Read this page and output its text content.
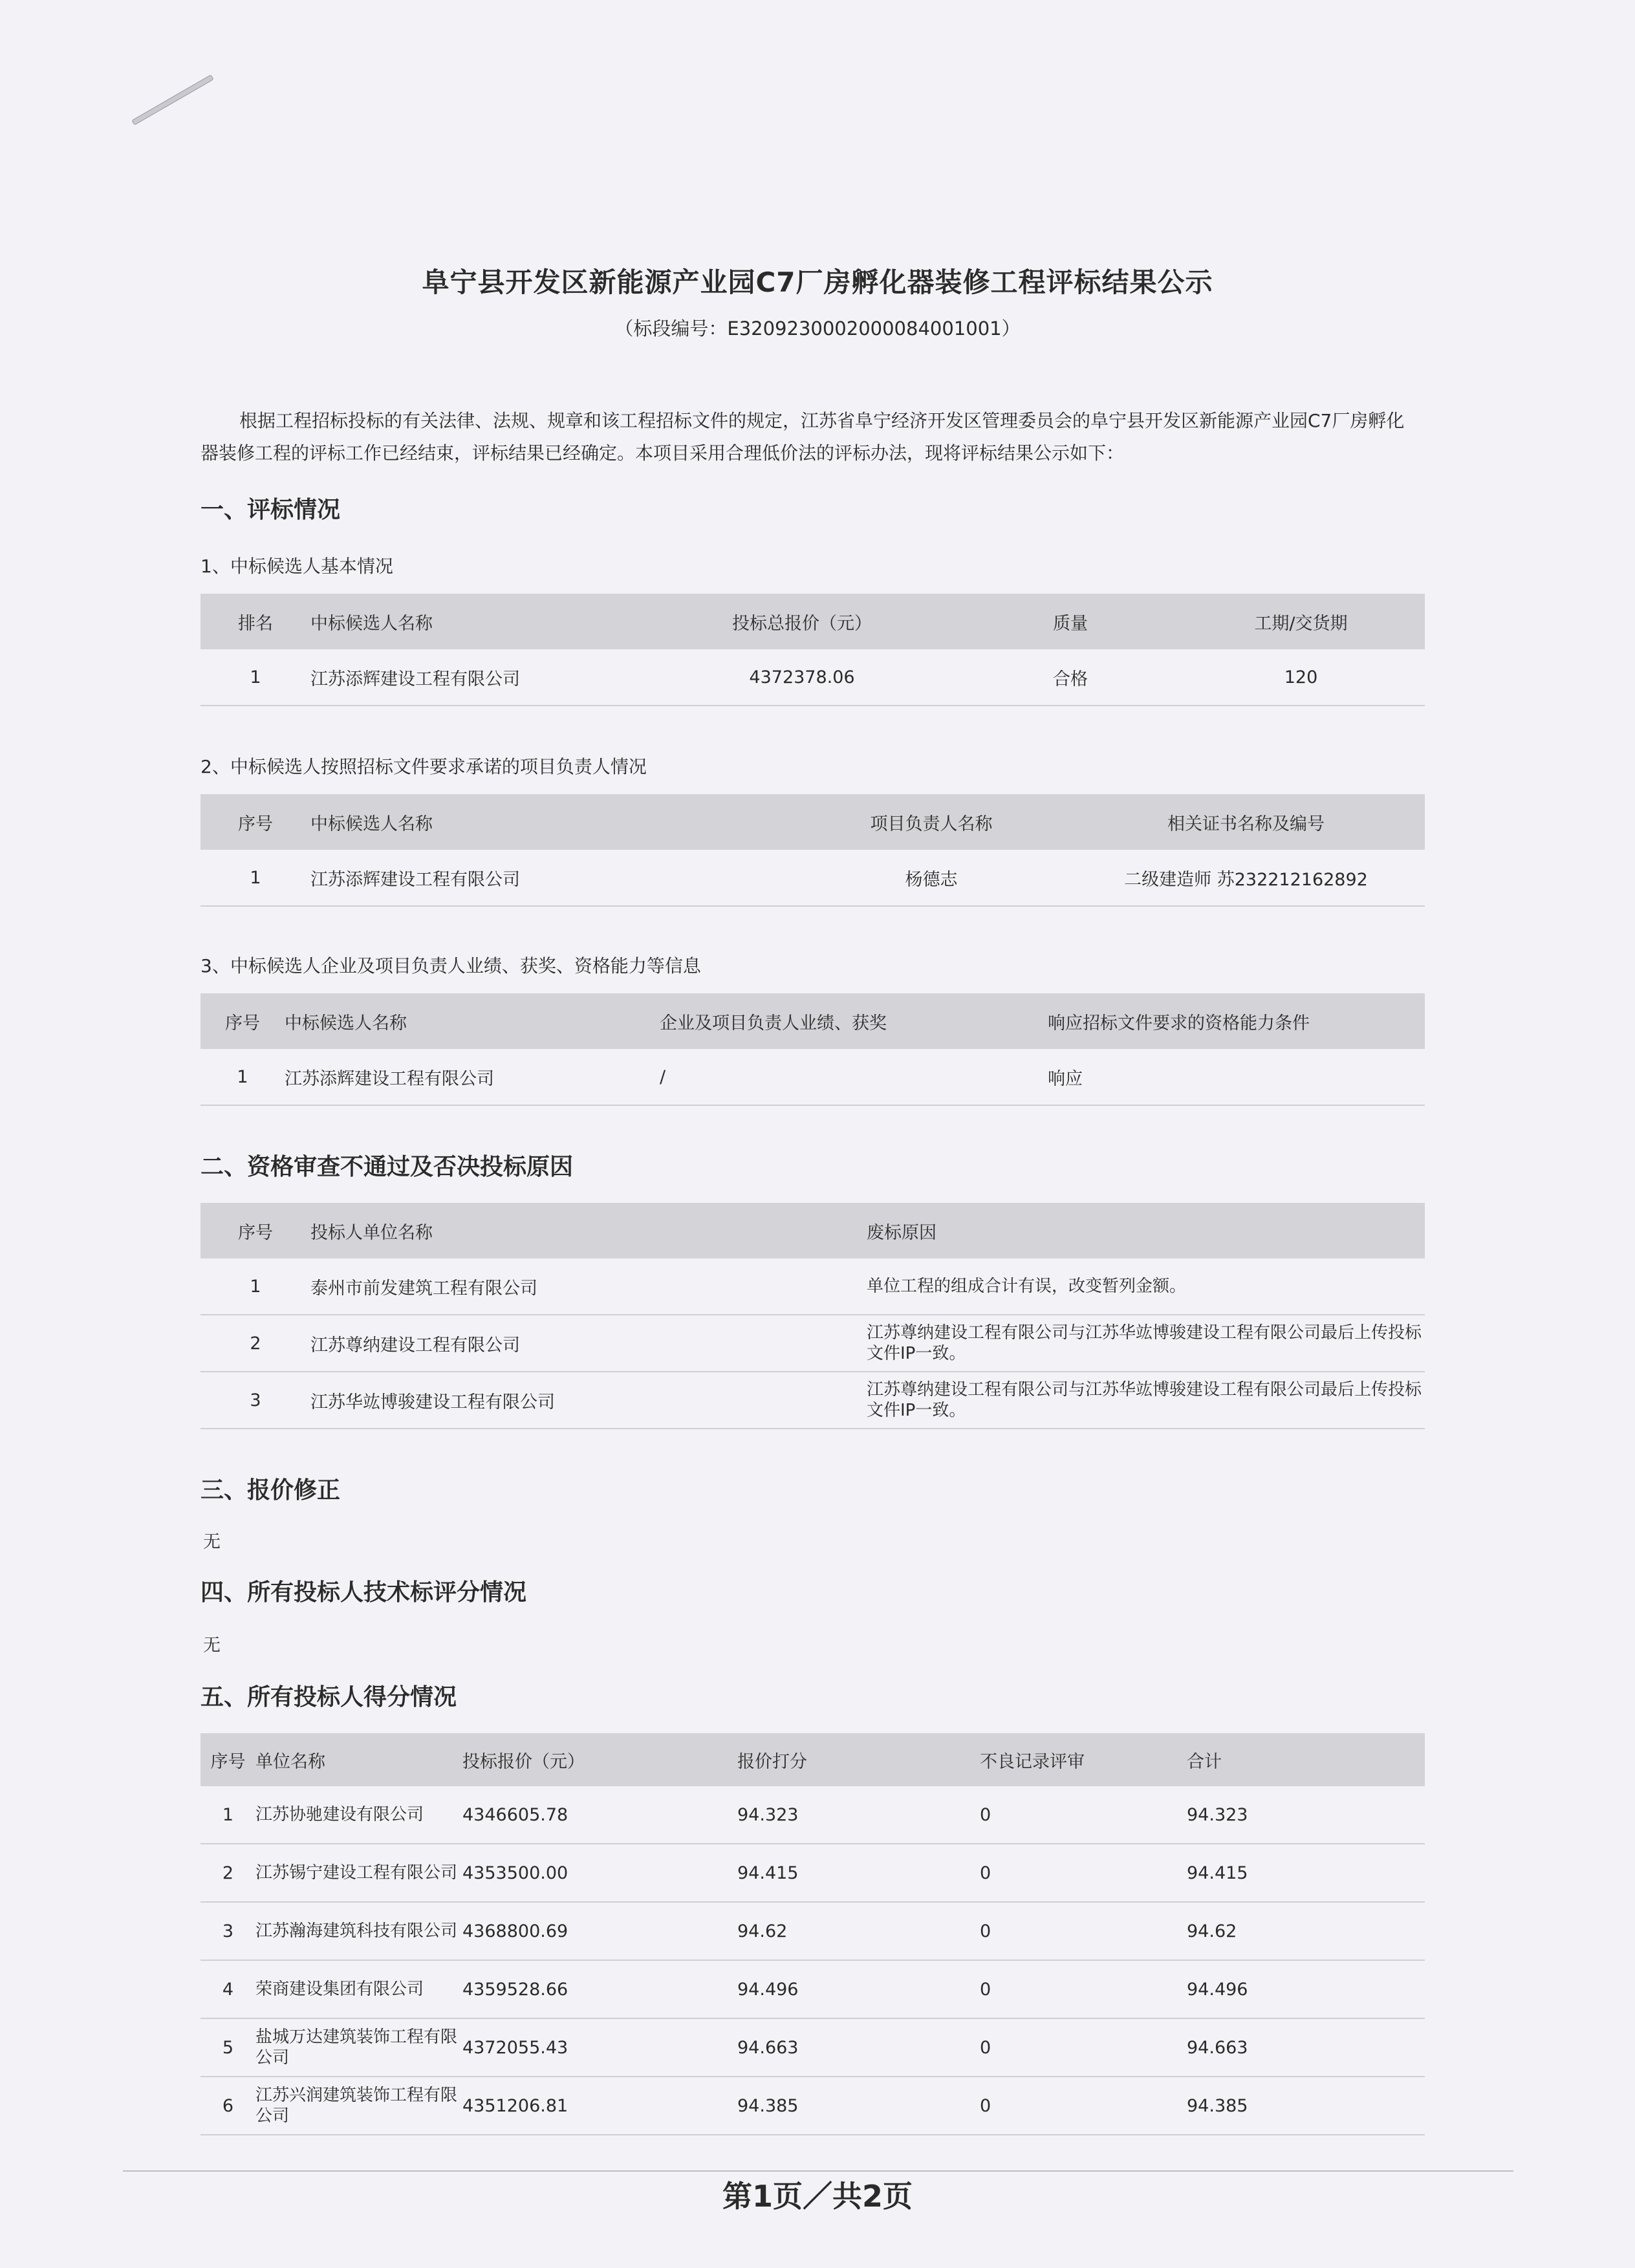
阜宁县开发区新能源产业园C7厂房孵化器装修工程评标结果公示
（标段编号：E3209230002000084001001）
根据工程招标投标的有关法律、法规、规章和该工程招标文件的规定，江苏省阜宁经济开发区管理委员会的阜宁县开发区新能源产业园C7厂房孵化器装修工程的评标工作已经结束，评标结果已经确定。本项目采用合理低价法的评标办法，现将评标结果公示如下：
一、评标情况
1、中标候选人基本情况
排名	中标候选人名称	投标总报价（元）	质量	工期/交货期
1	江苏添辉建设工程有限公司	4372378.06	合格	120
2、中标候选人按照招标文件要求承诺的项目负责人情况
序号	中标候选人名称	项目负责人名称	相关证书名称及编号
1	江苏添辉建设工程有限公司	杨德志	二级建造师 苏232212162892
3、中标候选人企业及项目负责人业绩、获奖、资格能力等信息
序号	中标候选人名称	企业及项目负责人业绩、获奖	响应招标文件要求的资格能力条件
1	江苏添辉建设工程有限公司	/	响应
二、资格审查不通过及否决投标原因
序号	投标人单位名称	废标原因
1	泰州市前发建筑工程有限公司	单位工程的组成合计有误，改变暂列金额。
2	江苏尊纳建设工程有限公司	江苏尊纳建设工程有限公司与江苏华竑博骏建设工程有限公司最后上传投标文件IP一致。
3	江苏华竑博骏建设工程有限公司	江苏尊纳建设工程有限公司与江苏华竑博骏建设工程有限公司最后上传投标文件IP一致。
三、报价修正
无
四、所有投标人技术标评分情况
无
五、所有投标人得分情况
序号	单位名称	投标报价（元）	报价打分	不良记录评审	合计
1	江苏协驰建设有限公司	4346605.78	94.323	0	94.323
2	江苏锡宁建设工程有限公司	4353500.00	94.415	0	94.415
3	江苏瀚海建筑科技有限公司	4368800.69	94.62	0	94.62
4	荣商建设集团有限公司	4359528.66	94.496	0	94.496
5	盐城万达建筑装饰工程有限公司	4372055.43	94.663	0	94.663
6	江苏兴润建筑装饰工程有限公司	4351206.81	94.385	0	94.385
第1页／共2页
